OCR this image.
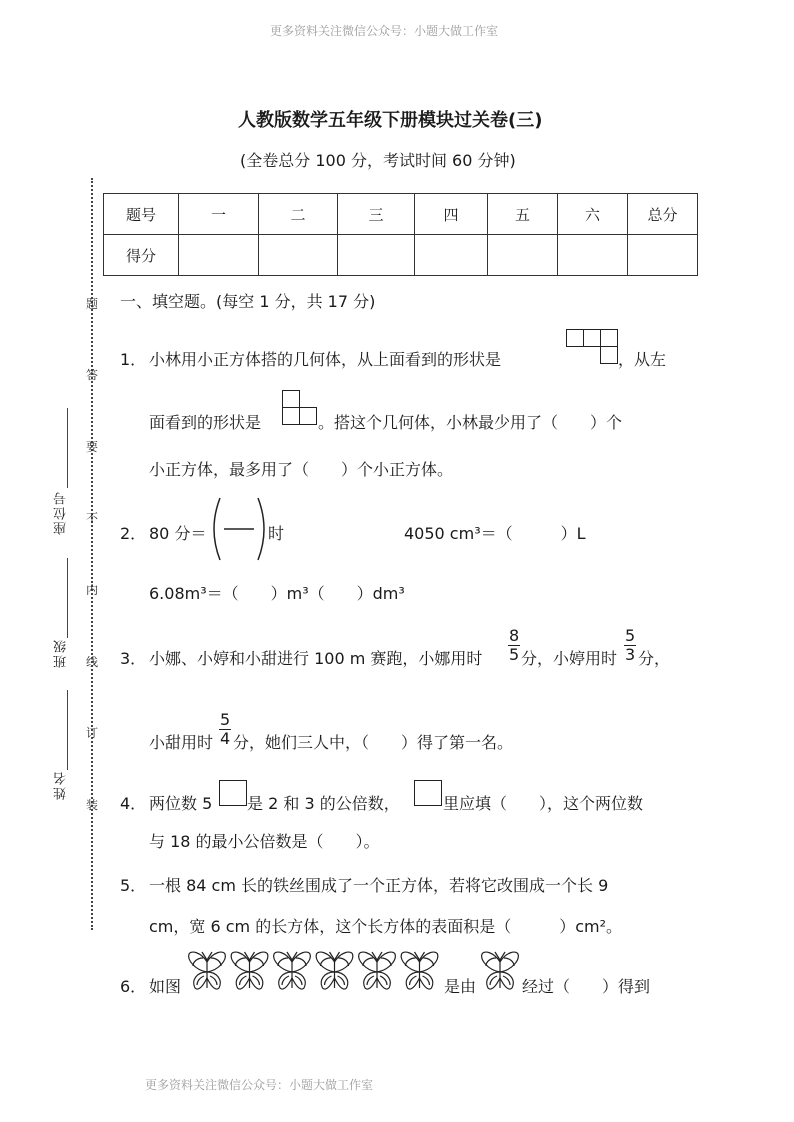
更多资料关注微信公众号：小题大做工作室
更多资料关注微信公众号：小题大做工作室
人教版数学五年级下册模块过关卷(三)
(全卷总分 100 分，考试时间 60 分钟)
题
答
要
不
内
线
订
装
座位号
班级
姓名
题号	一	二	三	四	五	六	总分
得分							
一、填空题。(每空 1 分，共 17 分)
1． 小林用小正方体搭的几何体，从上面看到的形状是	，从左
面看到的形状是	。搭这个几何体，小林最少用了（　　）个
小正方体，最多用了（　　）个小正方体。
2． 80 分＝	时	4050 cm³＝（　　　）L
6.08m³＝（　　）m³（　　）dm³
3． 小娜、小婷和小甜进行 100 m 赛跑，小娜用时 $\frac{8}{5}$ 分，小婷用时 $\frac{5}{3}$ 分，
小甜用时 $\frac{5}{4}$ 分，她们三人中，（　　）得了第一名。
4． 两位数 5 是 2 和 3 的公倍数，	里应填（　　），这个两位数
与 18 的最小公倍数是（　　）。
5． 一根 84 cm 长的铁丝围成了一个正方体，若将它改围成一个长 9
cm，宽 6 cm 的长方体，这个长方体的表面积是（　　　）cm²。
6． 如图	是由	经过（　　）得到
